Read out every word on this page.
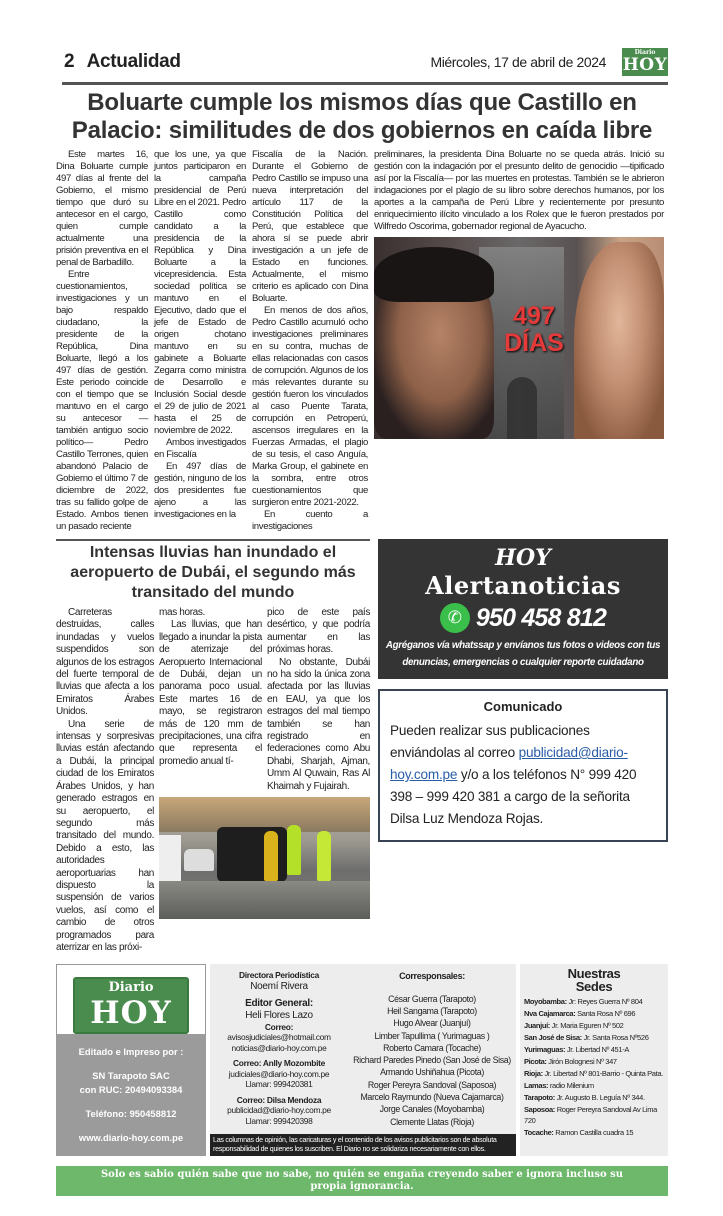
2 Actualidad	Miércoles, 17 de abril de 2024
Diario
HOY
Boluarte cumple los mismos días que Castillo en Palacio: similitudes de dos gobiernos en caída libre

Este martes 16, Dina Boluarte cumple 497 días al frente del Gobierno, el mismo tiempo que duró su antecesor en el cargo, quien cumple actualmente una prisión preventiva en el penal de Barbadillo.

Entre cuestionamientos, investigaciones y un bajo respaldo ciudadano, la presidente de la República, Dina Boluarte, llegó a los 497 días de gestión. Este periodo coincide con el tiempo que se mantuvo en el cargo su antecesor —también antiguo socio político— Pedro Castillo Terrones, quien abandonó Palacio de Gobierno el último 7 de diciembre de 2022, tras su fallido golpe de Estado. Ambos tienen un pasado reciente

que los une, ya que juntos participaron en la campaña presidencial de Perú Libre en el 2021. Pedro Castillo como candidato a la presidencia de la República y Dina Boluarte a la vicepresidencia. Esta sociedad política se mantuvo en el Ejecutivo, dado que el jefe de Estado de origen chotano mantuvo en su gabinete a Boluarte Zegarra como ministra de Desarrollo e Inclusión Social desde el 29 de julio de 2021 hasta el 25 de noviembre de 2022.

Ambos investigados en Fiscalía

En 497 días de gestión, ninguno de los dos presidentes fue ajeno a las investigaciones en la

Fiscalía de la Nación. Durante el Gobierno de Pedro Castillo se impuso una nueva interpretación del artículo 117 de la Constitución Política del Perú, que establece que ahora sí se puede abrir investigación a un jefe de Estado en funciones. Actualmente, el mismo criterio es aplicado con Dina Boluarte.

En menos de dos años, Pedro Castillo acumuló ocho investigaciones preliminares en su contra, muchas de ellas relacionadas con casos de corrupción. Algunos de los más relevantes durante su gestión fueron los vinculados al caso Puente Tarata, corrupción en Petroperú, ascensos irregulares en la Fuerzas Armadas, el plagio de su tesis, el caso Anguía, Marka Group, el gabinete en la sombra, entre otros cuestionamientos que surgieron entre 2021-2022.

En cuento a investigaciones

preliminares, la presidenta Dina Boluarte no se queda atrás. Inició su gestión con la indagación por el presunto delito de genocidio —tipificado así por la Fiscalía— por las muertes en protestas. También se le abrieron indagaciones por el plagio de su libro sobre derechos humanos, por los aportes a la campaña de Perú Libre y recientemente por presunto enriquecimiento ilícito vinculado a los Rolex que le fueron prestados por Wilfredo Oscorima, gobernador regional de Ayacucho.

497 DÍAS
Intensas lluvias han inundado el aeropuerto de Dubái, el segundo más transitado del mundo

Carreteras destruidas, calles inundadas y vuelos suspendidos son algunos de los estragos del fuerte temporal de lluvias que afecta a los Emiratos Árabes Unidos.

Una serie de intensas y sorpresivas lluvias están afectando a Dubái, la principal ciudad de los Emiratos Árabes Unidos, y han generado estragos en su aeropuerto, el segundo más transitado del mundo. Debido a esto, las autoridades aeroportuarias han dispuesto la suspensión de varios vuelos, así como el cambio de otros programados para aterrizar en las próxi-

mas horas.

Las lluvias, que han llegado a inundar la pista de aterrizaje del Aeropuerto Internacional de Dubái, dejan un panorama poco usual. Este martes 16 de mayo, se registraron más de 120 mm de precipitaciones, una cifra que representa el promedio anual tí-

pico de este país desértico, y que podría aumentar en las próximas horas.

No obstante, Dubái no ha sido la única zona afectada por las lluvias en EAU, ya que los estragos del mal tiempo también se han registrado en federaciones como Abu Dhabi, Sharjah, Ajman, Umm Al Quwain, Ras Al Khaimah y Fujairah.

HOY
Alertanoticias
✆ 950 458 812
Agréganos vía whatssap y envíanos tus fotos o videos con tus denuncias, emergencias o cualquier reporte cuidadano
Comunicado
Pueden realizar sus publicaciones enviándolas al correo publicidad@diario-hoy.com.pe y/o a los teléfonos N° 999 420 398 – 999 420 381 a cargo de la señorita Dilsa Luz Mendoza Rojas.
Diario
HOY
Editado e Impreso por :
SN Tarapoto SAC
con RUC: 20494093384
Teléfono: 950458812
www.diario-hoy.com.pe
Directora Periodística
Noemí Rivera
Editor General:
Heli Flores Lazo
Correo:
avisosjudiciales@hotmail.com
noticias@diario-hoy.com.pe
Correo: Anlly Mozombite
judiciales@diario-hoy.com.pe
Llamar: 999420381
Correo: Dilsa Mendoza
publicidad@diario-hoy.com.pe
Llamar: 999420398
Corresponsales:
César Guerra (Tarapoto)
Heil Sangama (Tarapoto)
Hugo Alvear (Juanjuí)
Limber Tapullima ( Yurimaguas )
Roberto Camara (Tocache)
Richard Paredes Pinedo (San José de Sisa)
Armando Ushiñahua (Picota)
Roger Pereyra Sandoval (Saposoa)
Marcelo Raymundo (Nueva Cajamarca)
Jorge Canales (Moyobamba)
Clemente Llatas (Rioja)
Las columnas de opinión, las caricaturas y el contenido de los avisos publicitarios son de absoluta responsabilidad de quienes los suscriben. El Diario no se solidariza necesariamente con ellos.
Nuestras
Sedes
Moyobamba: Jr: Reyes Guerra Nº 804
Nva Cajamarca: Santa Rosa Nº 696
Juanjuí: Jr. Maria Eguren Nº 502
San José de Sisa: Jr. Santa Rosa Nº526
Yurimaguas: Jr. Libertad Nº 451-A
Picota: Jirón Bolognesi Nº 347
Rioja: Jr. Libertad Nº 801-Barrio - Quinta Pata.
Lamas: radio Milenium
Tarapoto: Jr. Augusto B. Leguía Nº 344.
Saposoa: Roger Pereyra Sandoval Av Lima 720
Tocache: Ramon Castilla cuadra 15
Solo es sabio quién sabe que no sabe, no quién se engaña creyendo saber e ignora incluso su propia ignorancia.
